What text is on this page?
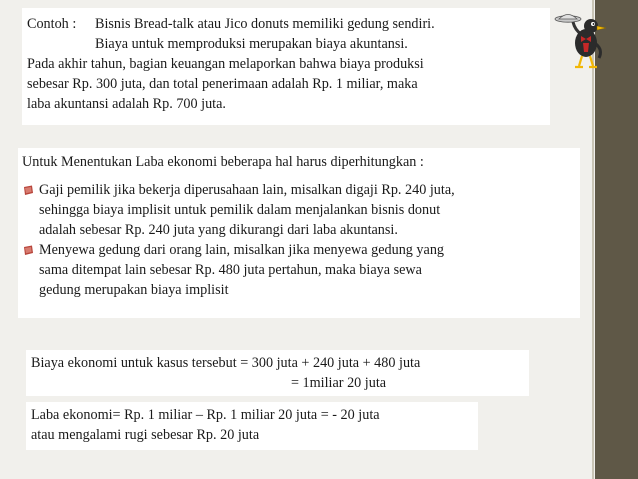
Contoh :	Bisnis Bread-talk atau Jico donuts memiliki gedung sendiri.
Biaya untuk memproduksi merupakan biaya akuntansi.
Pada akhir tahun, bagian keuangan melaporkan bahwa biaya produksi
sebesar Rp. 300 juta, dan total penerimaan adalah Rp. 1 miliar, maka
laba akuntansi adalah Rp. 700 juta.
Untuk Menentukan Laba ekonomi beberapa hal harus diperhitungkan :
Gaji pemilik jika bekerja diperusahaan lain, misalkan digaji Rp. 240 juta,
sehingga biaya implisit untuk pemilik dalam menjalankan bisnis donut
adalah sebesar Rp. 240 juta yang dikurangi dari laba akuntansi.
Menyewa gedung dari orang lain, misalkan jika menyewa gedung yang
sama ditempat lain sebesar Rp. 480 juta pertahun, maka biaya sewa
gedung merupakan biaya implisit
Biaya ekonomi untuk kasus tersebut = 300 juta + 240 juta + 480 juta
= 1miliar 20 juta
Laba ekonomi= Rp. 1 miliar – Rp. 1 miliar 20 juta = - 20 juta
atau mengalami rugi sebesar Rp. 20 juta
